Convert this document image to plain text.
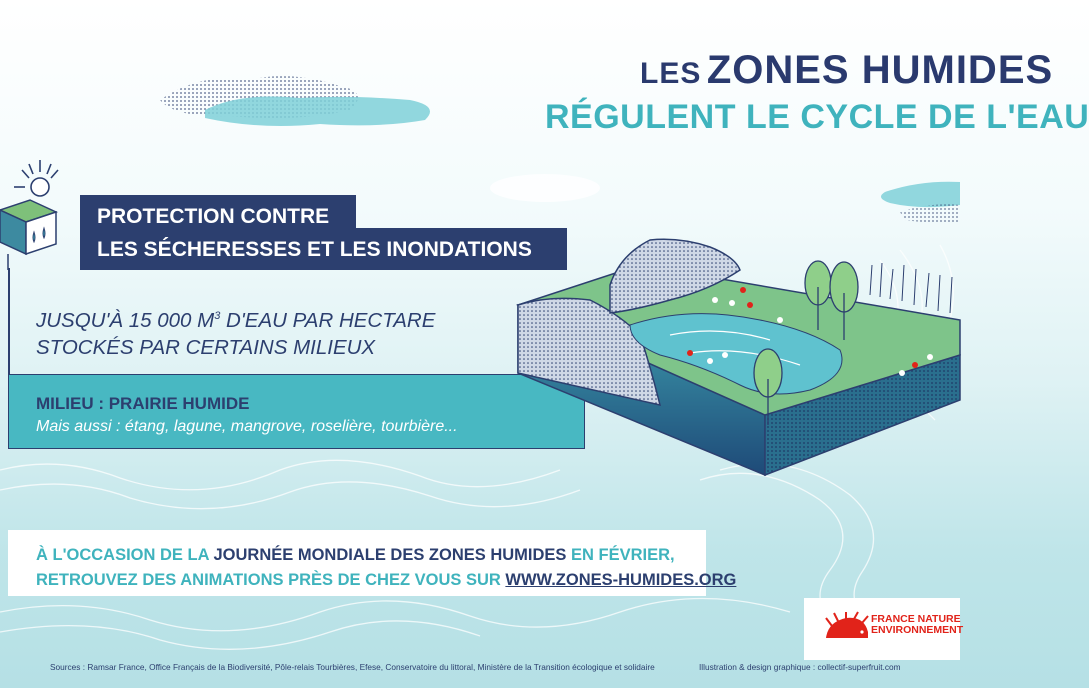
LES ZONES HUMIDES
RÉGULENT LE CYCLE DE L'EAU
PROTECTION CONTRE
LES SÉCHERESSES ET LES INONDATIONS
JUSQU'À 15 000 $M^3$ D'EAU PAR HECTARE
STOCKÉS PAR CERTAINS MILIEUX
MILIEU : PRAIRIE HUMIDE
Mais aussi : étang, lagune, mangrove, roselière, tourbière...
À L'OCCASION DE LA JOURNÉE MONDIALE DES ZONES HUMIDES EN FÉVRIER,
RETROUVEZ DES ANIMATIONS PRÈS DE CHEZ VOUS SUR WWW.ZONES-HUMIDES.ORG
FRANCE NATURE
ENVIRONNEMENT
Sources : Ramsar France, Office Français de la Biodiversité, Pôle-relais Tourbières, Efese, Conservatoire du littoral, Ministère de la Transition écologique et solidaire	Illustration & design graphique : collectif-superfruit.com
